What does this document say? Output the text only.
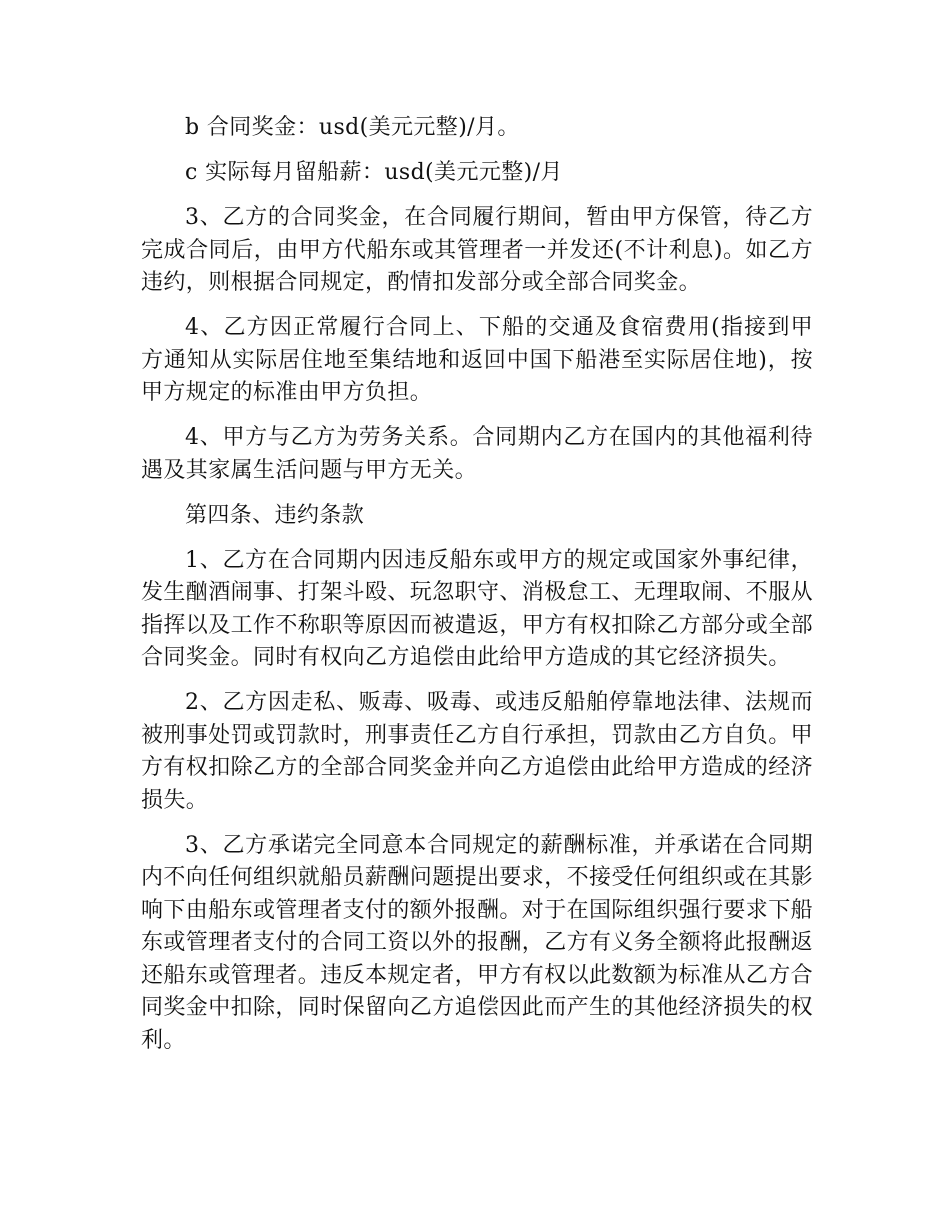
b 合同奖金：usd(美元元整)/月。

c 实际每月留船薪：usd(美元元整)/月

3、乙方的合同奖金，在合同履行期间，暂由甲方保管，待乙方完成合同后，由甲方代船东或其管理者一并发还(不计利息)。如乙方违约，则根据合同规定，酌情扣发部分或全部合同奖金。

4、乙方因正常履行合同上、下船的交通及食宿费用(指接到甲方通知从实际居住地至集结地和返回中国下船港至实际居住地)，按甲方规定的标准由甲方负担。

4、甲方与乙方为劳务关系。合同期内乙方在国内的其他福利待遇及其家属生活问题与甲方无关。

第四条、违约条款

1、乙方在合同期内因违反船东或甲方的规定或国家外事纪律，发生酗酒闹事、打架斗殴、玩忽职守、消极怠工、无理取闹、不服从指挥以及工作不称职等原因而被遣返，甲方有权扣除乙方部分或全部合同奖金。同时有权向乙方追偿由此给甲方造成的其它经济损失。

2、乙方因走私、贩毒、吸毒、或违反船舶停靠地法律、法规而被刑事处罚或罚款时，刑事责任乙方自行承担，罚款由乙方自负。甲方有权扣除乙方的全部合同奖金并向乙方追偿由此给甲方造成的经济损失。

3、乙方承诺完全同意本合同规定的薪酬标准，并承诺在合同期内不向任何组织就船员薪酬问题提出要求，不接受任何组织或在其影响下由船东或管理者支付的额外报酬。对于在国际组织强行要求下船东或管理者支付的合同工资以外的报酬，乙方有义务全额将此报酬返还船东或管理者。违反本规定者，甲方有权以此数额为标准从乙方合同奖金中扣除，同时保留向乙方追偿因此而产生的其他经济损失的权利。
